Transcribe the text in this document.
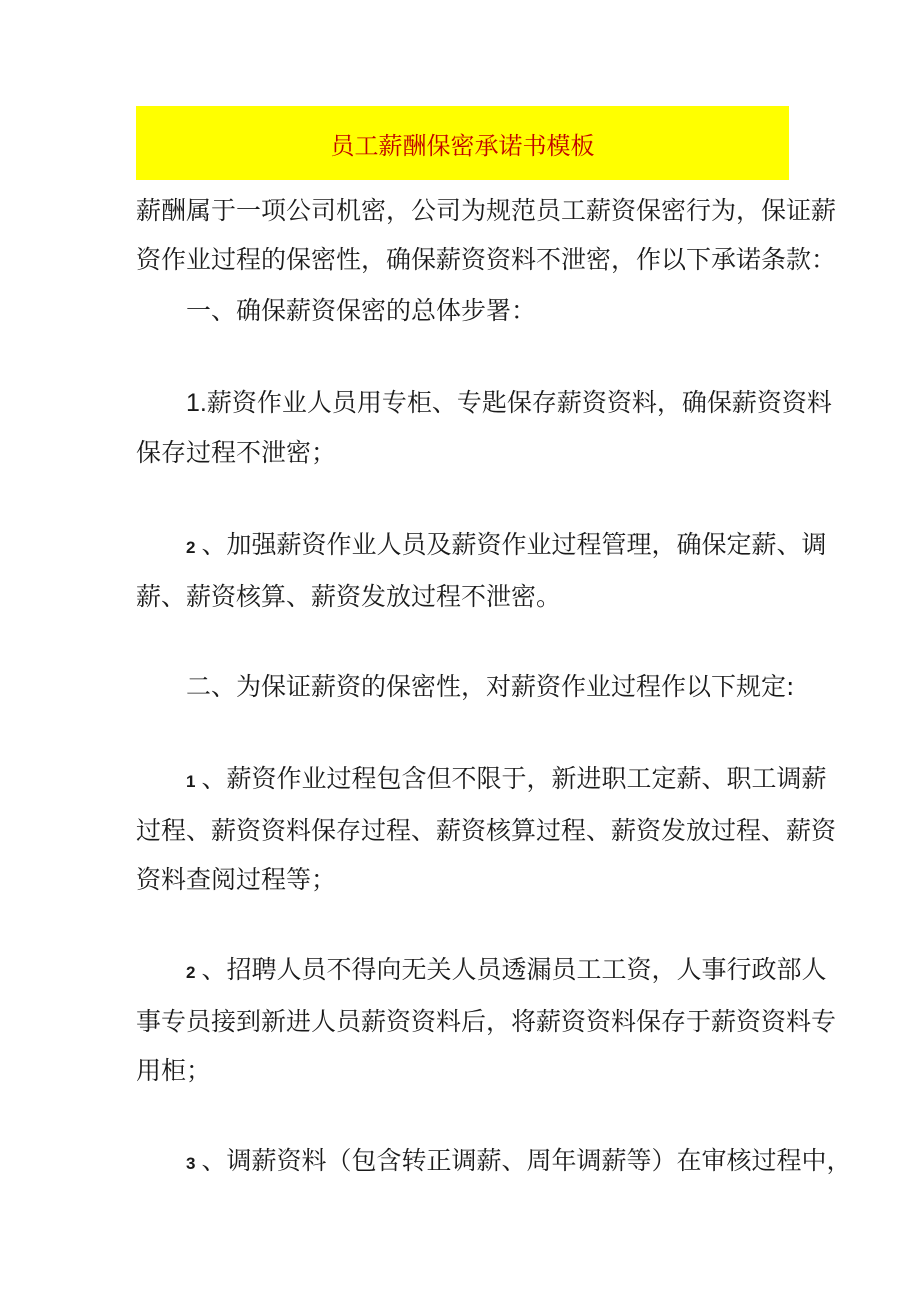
员工薪酬保密承诺书模板

薪酬属于一项公司机密，公司为规范员工薪资保密行为，保证薪
资作业过程的保密性，确保薪资资料不泄密，作以下承诺条款：

一、确保薪资保密的总体步署：

1.薪资作业人员用专柜、专匙保存薪资资料，确保薪资资料
保存过程不泄密；

2 、加强薪资作业人员及薪资作业过程管理，确保定薪、调
薪、薪资核算、薪资发放过程不泄密。

二、为保证薪资的保密性，对薪资作业过程作以下规定:

1 、薪资作业过程包含但不限于，新进职工定薪、职工调薪
过程、薪资资料保存过程、薪资核算过程、薪资发放过程、薪资
资料查阅过程等；

2 、招聘人员不得向无关人员透漏员工工资，人事行政部人
事专员接到新进人员薪资资料后，将薪资资料保存于薪资资料专
用柜；

3 、调薪资料（包含转正调薪、周年调薪等）在审核过程中，
